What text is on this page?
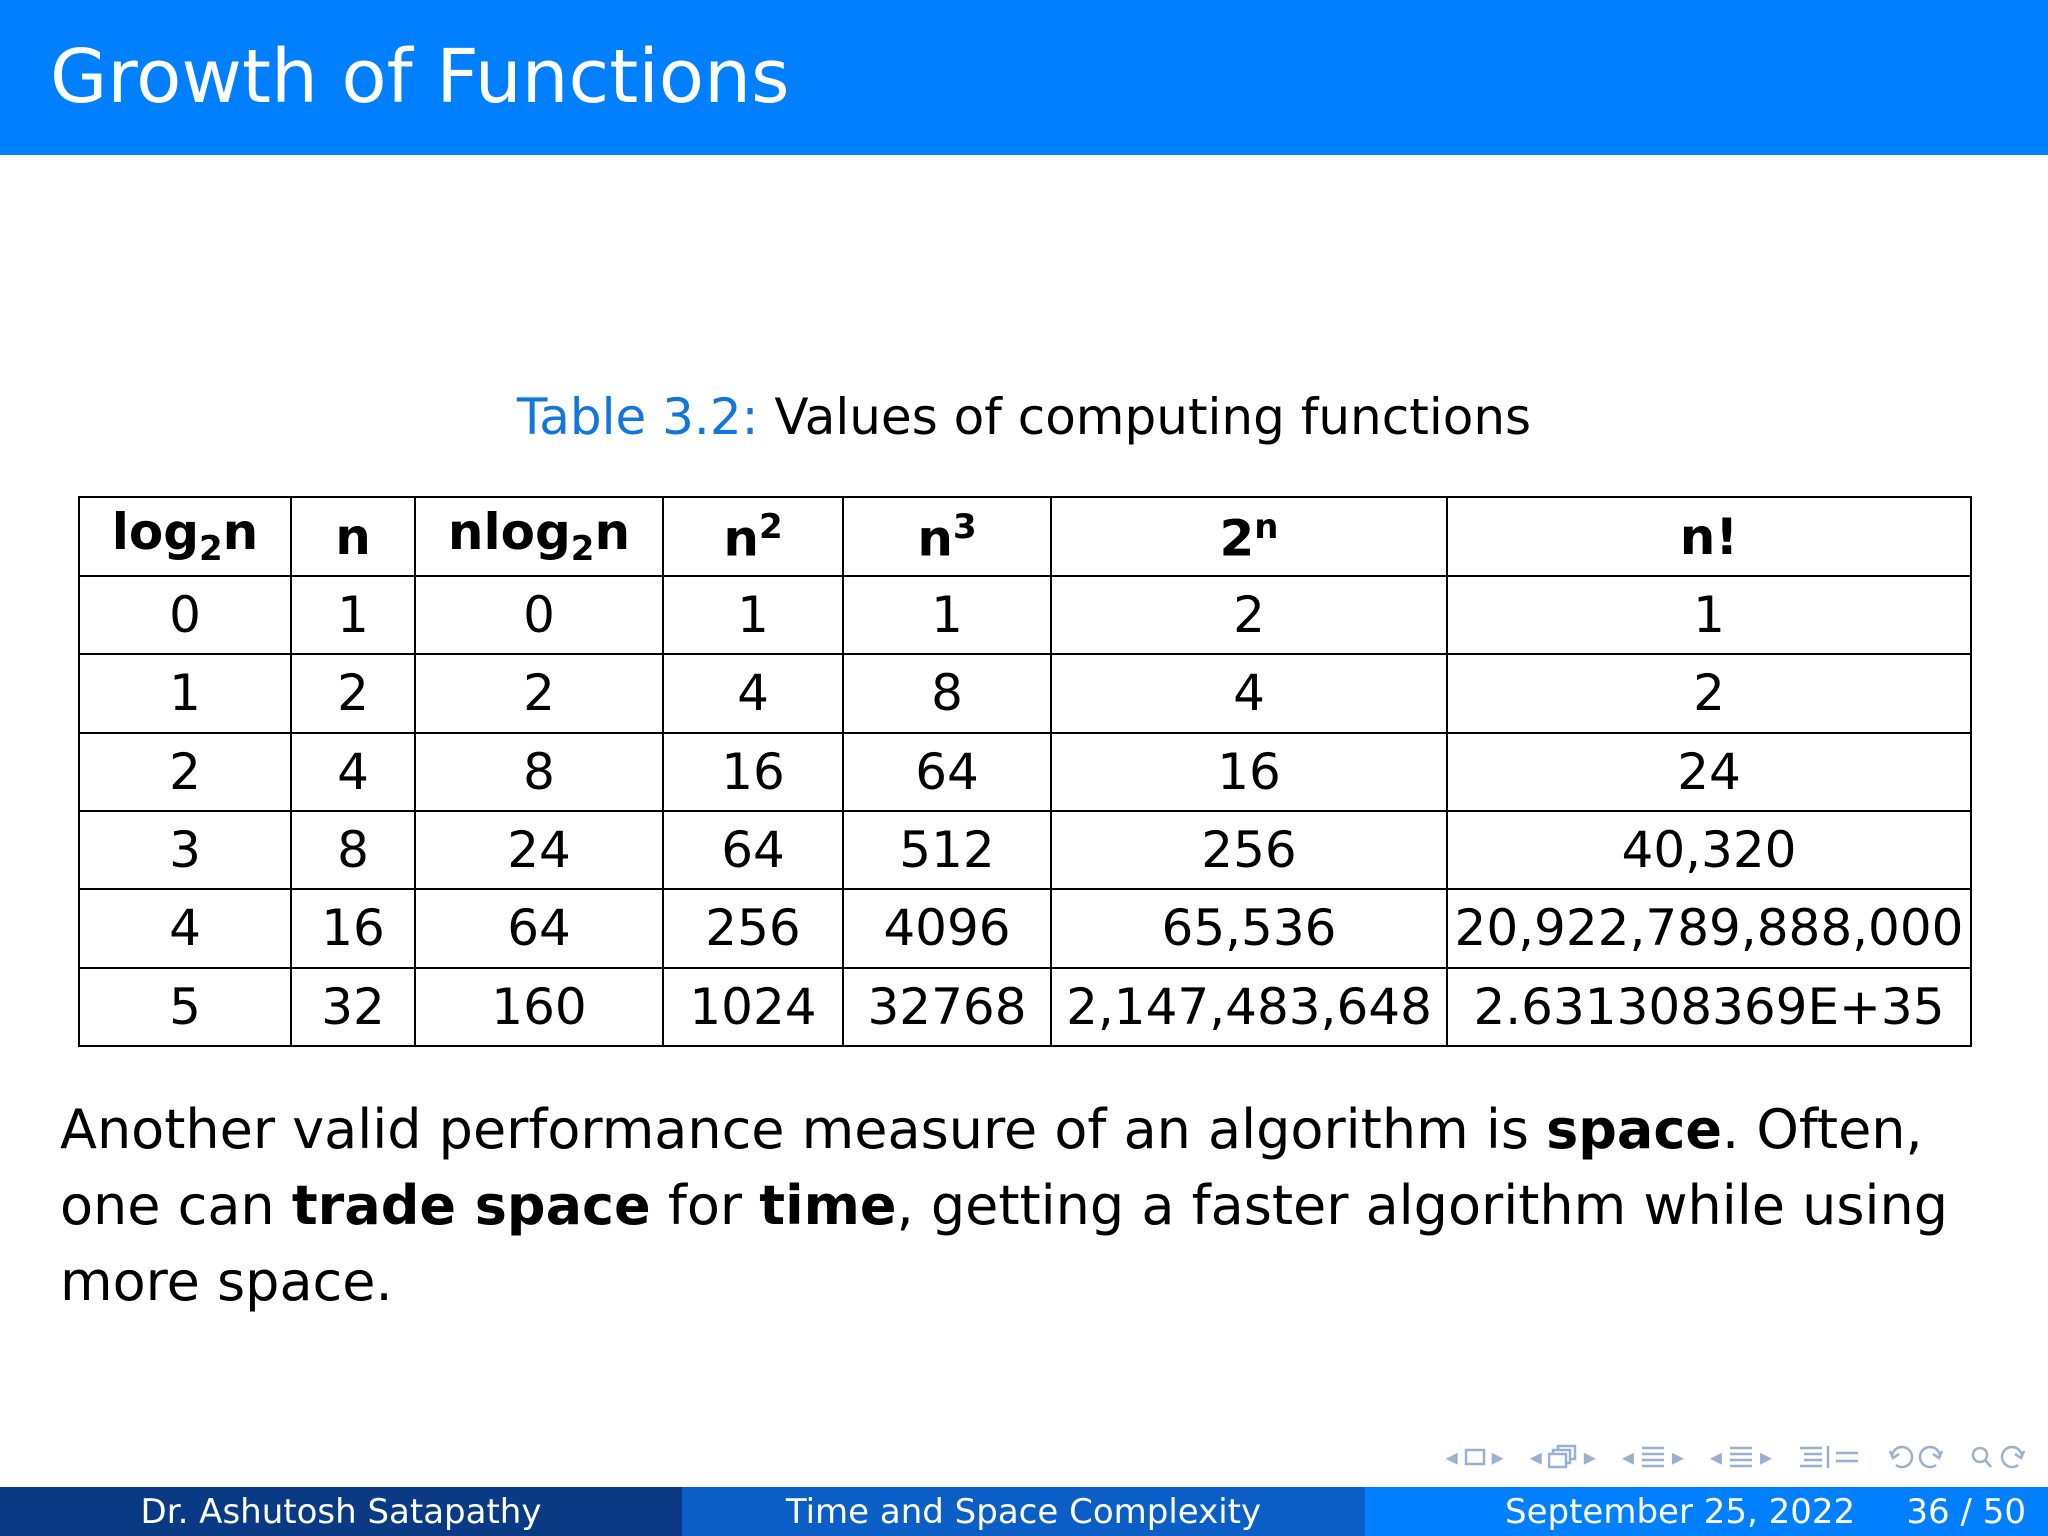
Growth of Functions
Table 3.2: Values of computing functions
$\log_2n$	n	nlog$_2$n	$n^2$	$n^3$	2$^n$	n!
0	1	0	1	1	2	1
1	2	2	4	8	4	2
2	4	8	16	64	16	24
3	8	24	64	512	256	40,320
4	16	64	256	4096	65,536	20,922,789,888,000
5	32	160	1024	32768	2,147,483,648	2.631308369E+35
Another valid performance measure of an algorithm is space. Often, one can trade space for time, getting a faster algorithm while using more space.
◂ ▸ ◂ ▸ ◂ ▸ ◂ ▸
Dr. Ashutosh Satapathy	Time and Space Complexity	September 25, 2022 36 / 50
